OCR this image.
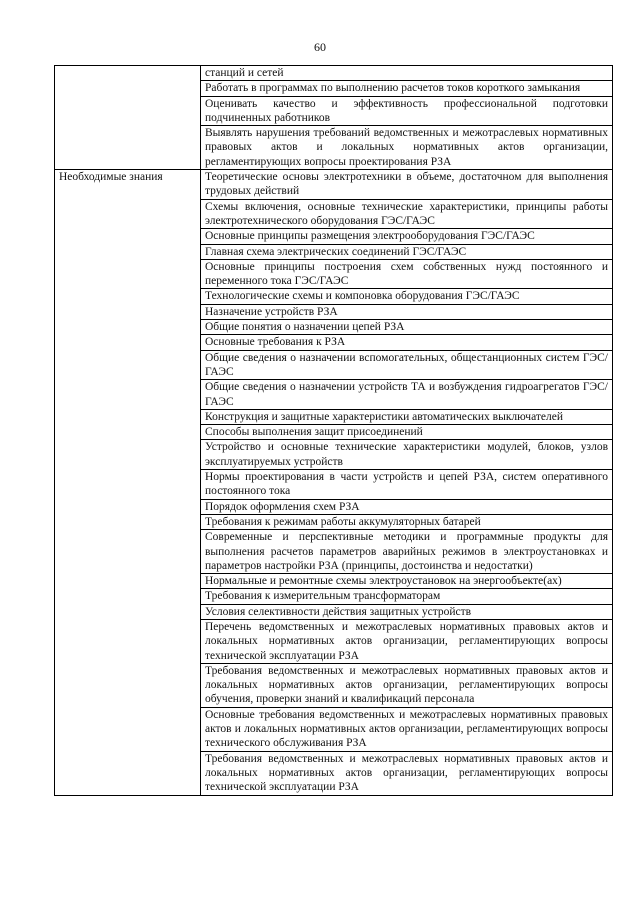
60

	станций и сетей

	Работать в программах по выполнению расчетов токов короткого замыкания

	Оценивать качество и эффективность профессиональной подготовки подчиненных работников

	Выявлять нарушения требований ведомственных и межотраслевых нормативных правовых актов и локальных нормативных актов организации, регламентирующих вопросы проектирования РЗА

Необходимые знания	Теоретические основы электротехники в объеме, достаточном для выполнения трудовых действий

	Схемы включения, основные технические характеристики, принципы работы электротехнического оборудования ГЭС/ГАЭС

	Основные принципы размещения электрооборудования ГЭС/ГАЭС

	Главная схема электрических соединений ГЭС/ГАЭС

	Основные принципы построения схем собственных нужд постоянного и переменного тока ГЭС/ГАЭС

	Технологические схемы и компоновка оборудования ГЭС/ГАЭС

	Назначение устройств РЗА

	Общие понятия о назначении цепей РЗА

	Основные требования к РЗА

	Общие сведения о назначении вспомогательных, общестанционных систем ГЭС/ГАЭС

	Общие сведения о назначении устройств ТА и возбуждения гидроагрегатов ГЭС/ГАЭС

	Конструкция и защитные характеристики автоматических выключателей

	Способы выполнения защит присоединений

	Устройство и основные технические характеристики модулей, блоков, узлов эксплуатируемых устройств

	Нормы проектирования в части устройств и цепей РЗА, систем оперативного постоянного тока

	Порядок оформления схем РЗА

	Требования к режимам работы аккумуляторных батарей

	Современные и перспективные методики и программные продукты для выполнения расчетов параметров аварийных режимов в электроустановках и параметров настройки РЗА (принципы, достоинства и недостатки)

	Нормальные и ремонтные схемы электроустановок на энергообъекте(ах)

	Требования к измерительным трансформаторам

	Условия селективности действия защитных устройств

	Перечень ведомственных и межотраслевых нормативных правовых актов и локальных нормативных актов организации, регламентирующих вопросы технической эксплуатации РЗА

	Требования ведомственных и межотраслевых нормативных правовых актов и локальных нормативных актов организации, регламентирующих вопросы обучения, проверки знаний и квалификаций персонала

	Основные требования ведомственных и межотраслевых нормативных правовых актов и локальных нормативных актов организации, регламентирующих вопросы технического обслуживания РЗА

	Требования ведомственных и межотраслевых нормативных правовых актов и локальных нормативных актов организации, регламентирующих вопросы технической эксплуатации РЗА
